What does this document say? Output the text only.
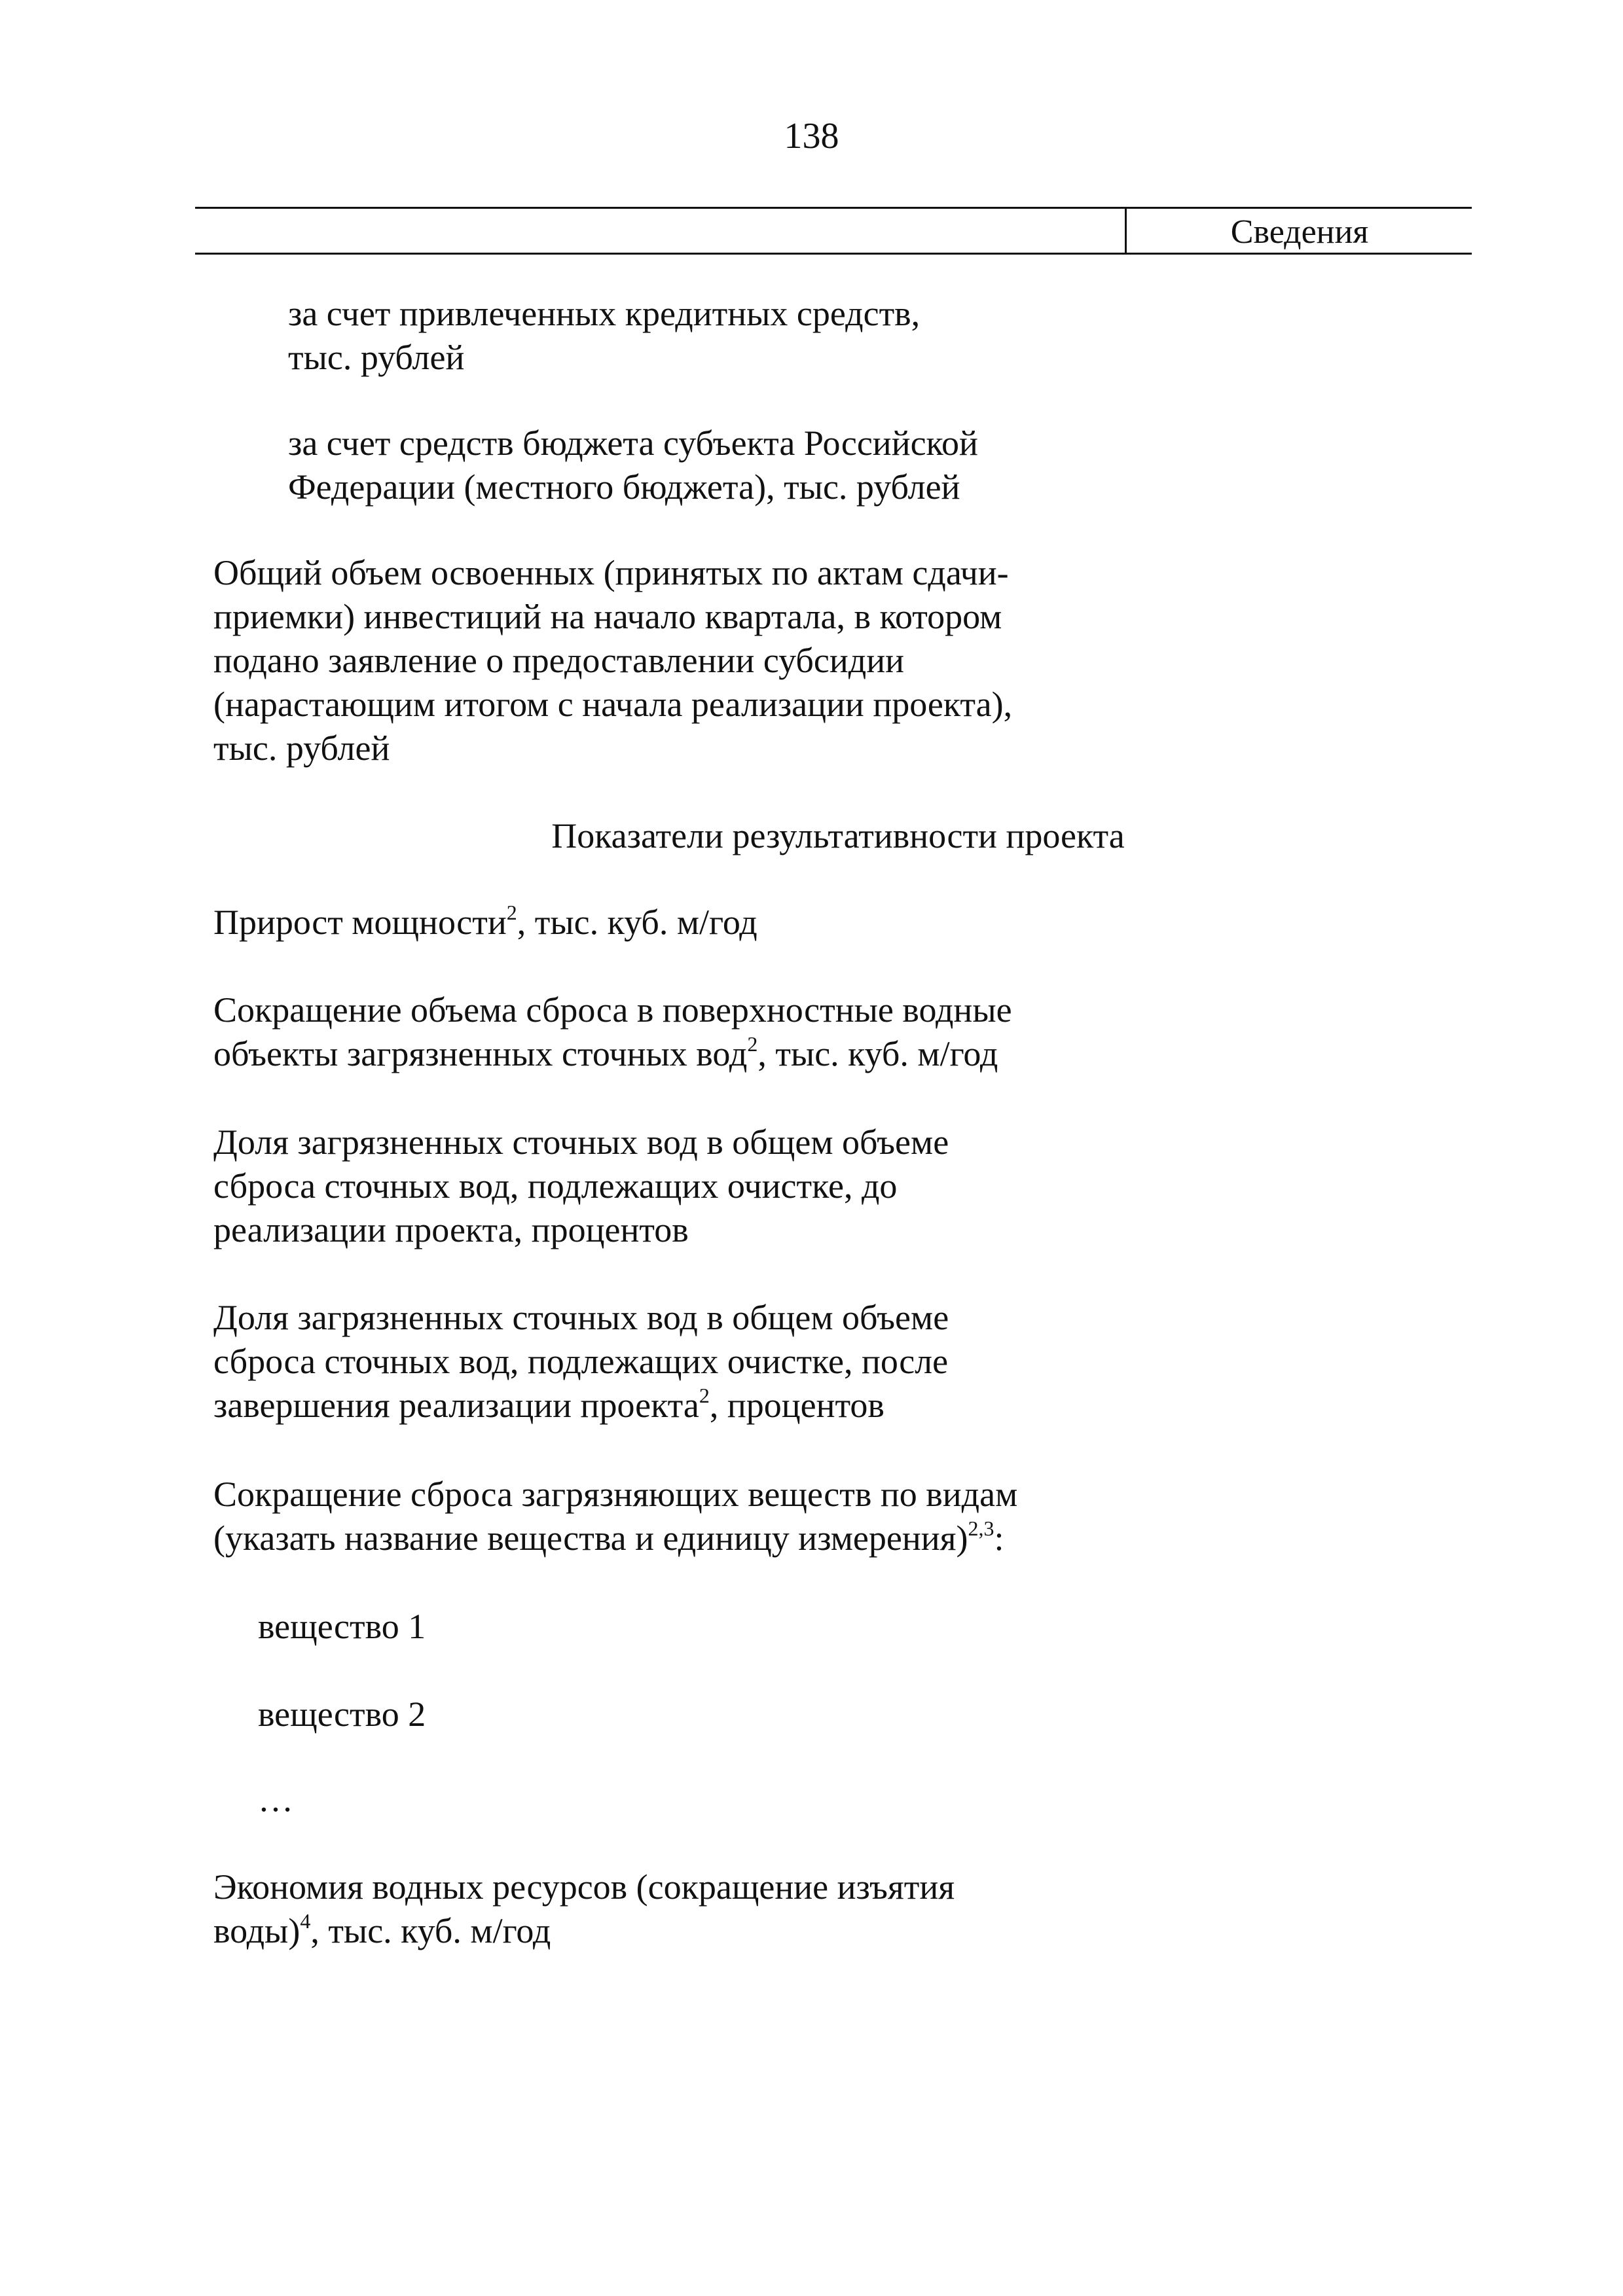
138
Сведения

за счет привлеченных кредитных средств,

тыс. рублей

за счет средств бюджета субъекта Российской

Федерации (местного бюджета), тыс. рублей

Общий объем освоенных (принятых по актам сдачи-

приемки) инвестиций на начало квартала, в котором

подано заявление о предоставлении субсидии

(нарастающим итогом с начала реализации проекта),

тыс. рублей

Показатели результативности проекта

Прирост мощности$^2$, тыс. куб. м/год

Сокращение объема сброса в поверхностные водные

объекты загрязненных сточных вод$^2$, тыс. куб. м/год

Доля загрязненных сточных вод в общем объеме

сброса сточных вод, подлежащих очистке, до

реализации проекта, процентов

Доля загрязненных сточных вод в общем объеме

сброса сточных вод, подлежащих очистке, после

завершения реализации проекта$^2$, процентов

Сокращение сброса загрязняющих веществ по видам

(указать название вещества и единицу измерения)$^{2,3}$:

вещество 1
вещество 2
…

Экономия водных ресурсов (сокращение изъятия

воды)$^4$, тыс. куб. м/год
